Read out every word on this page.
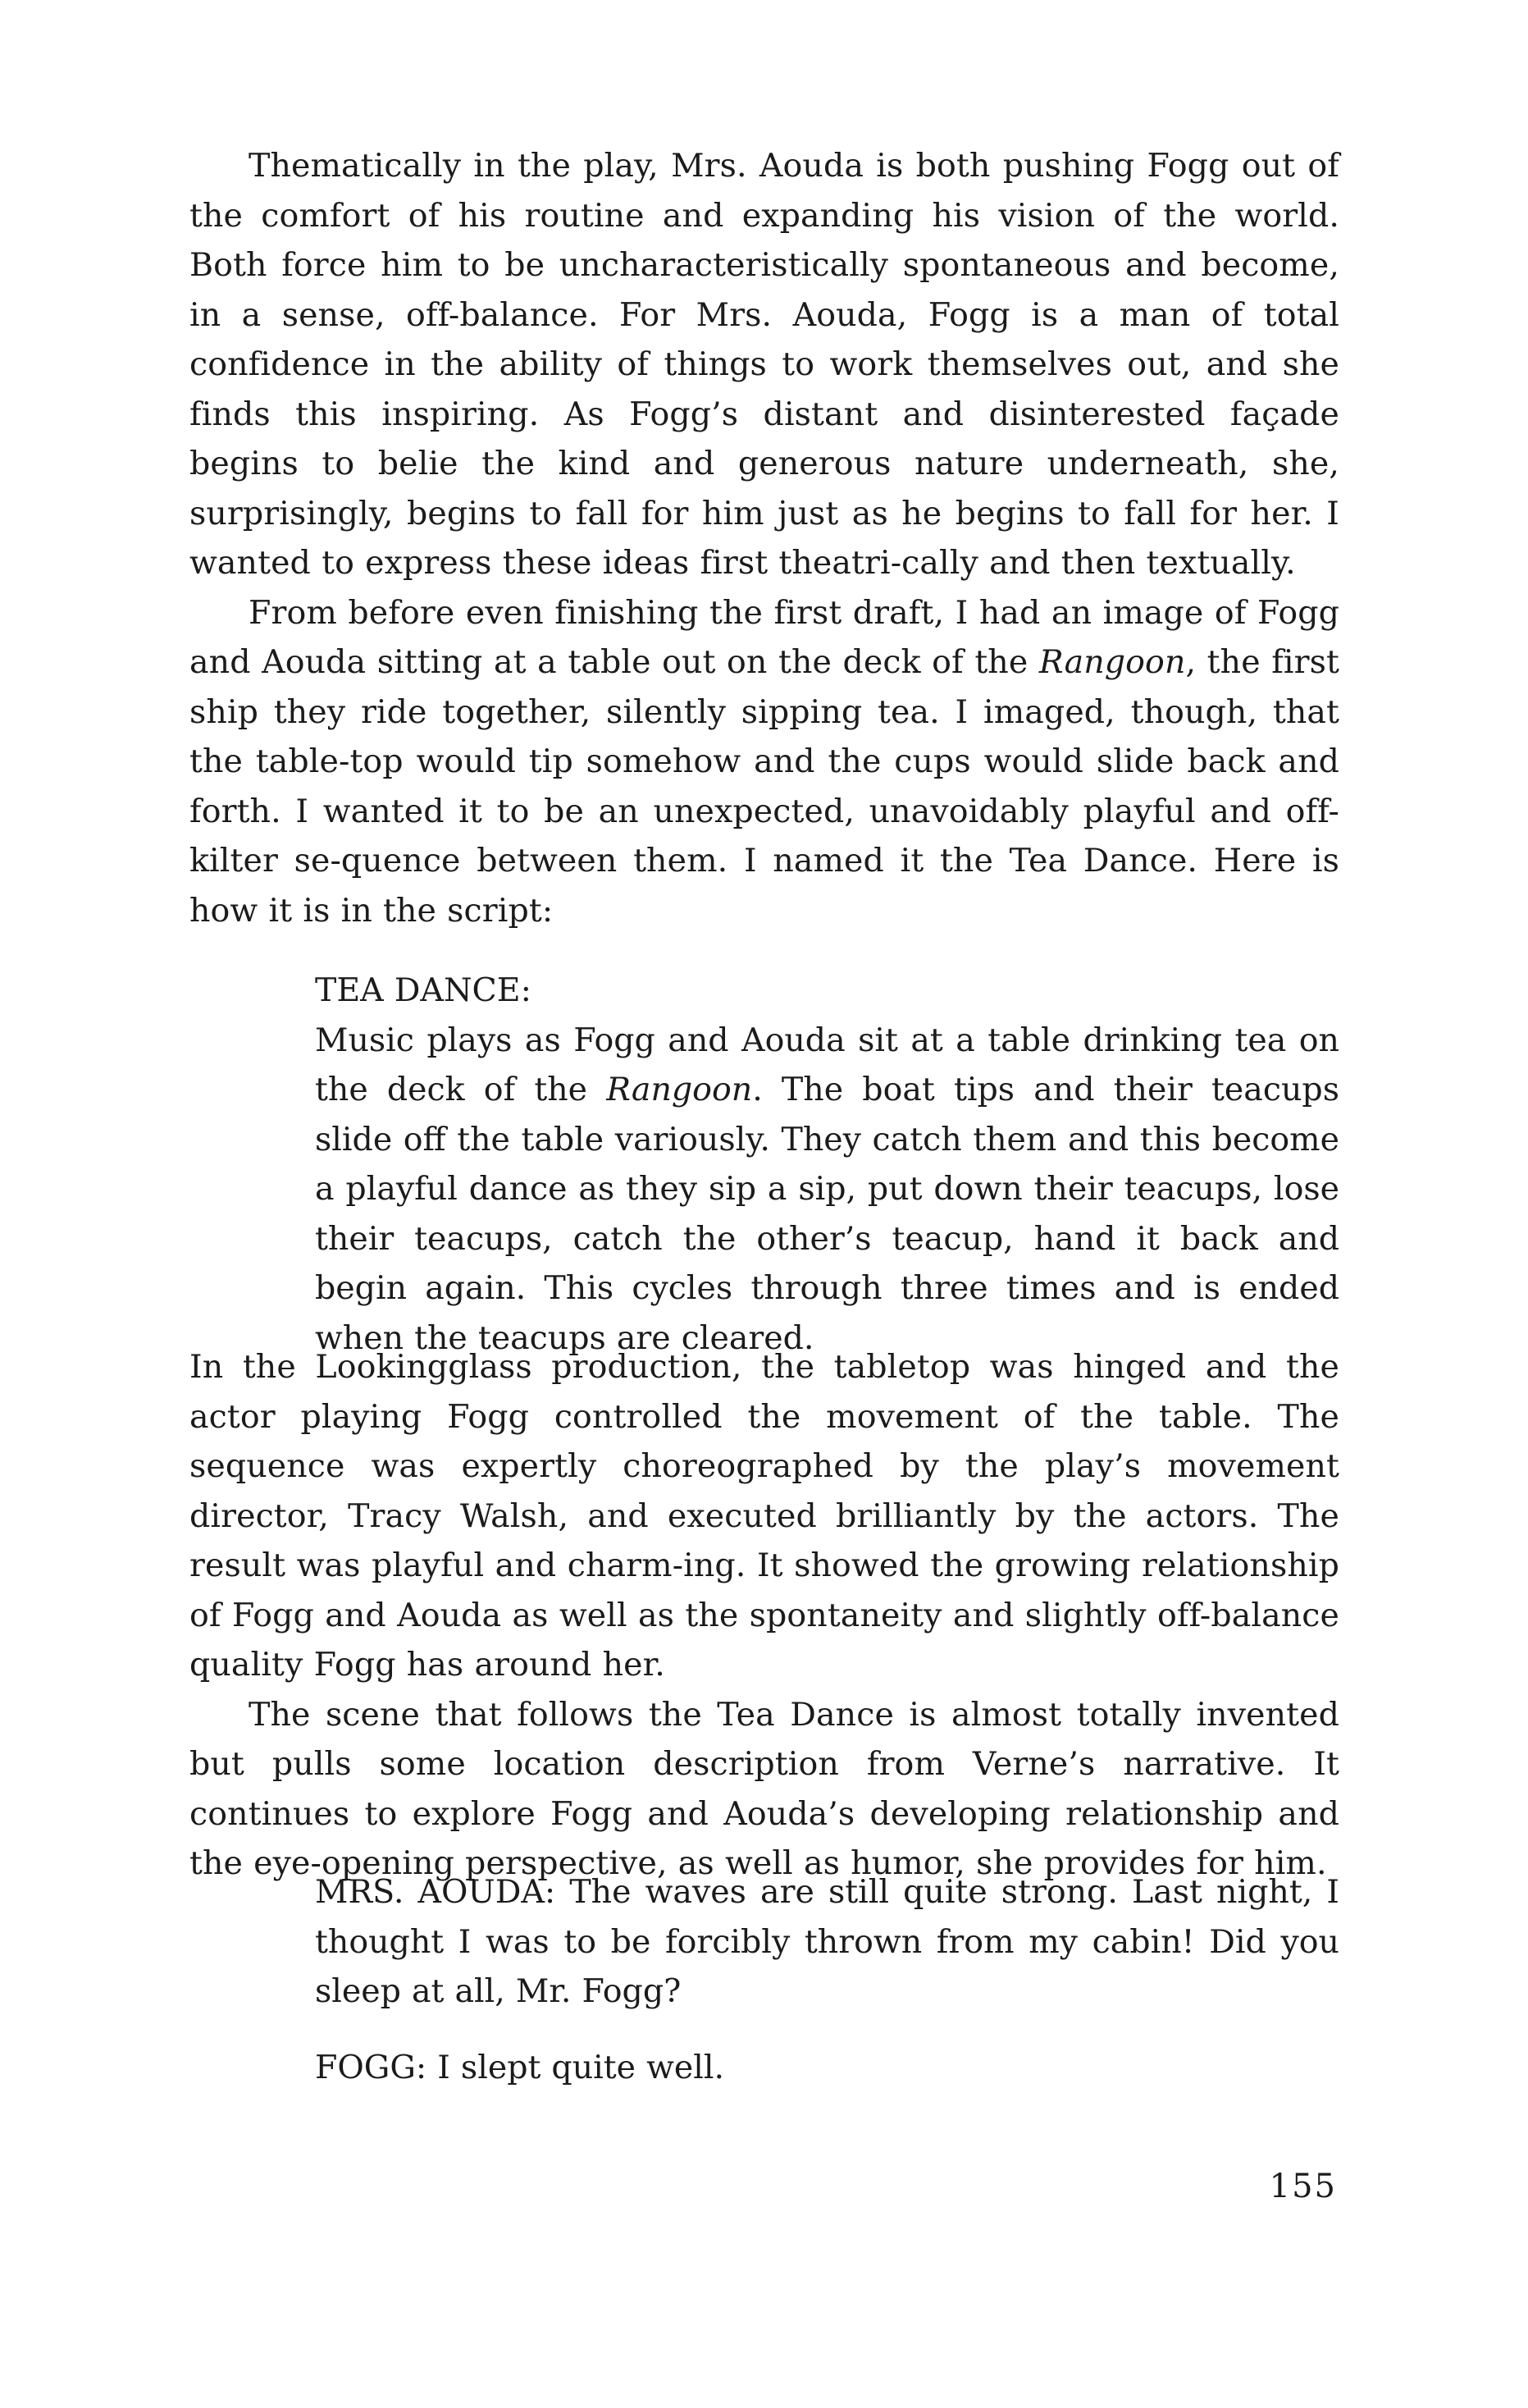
Thematically in the play, Mrs. Aouda is both pushing Fogg out of the comfort of his routine and expanding his vision of the world. Both force him to be uncharacteristically spontaneous and become, in a sense, off-balance. For Mrs. Aouda, Fogg is a man of total confidence in the ability of things to work themselves out, and she finds this inspiring. As Fogg’s distant and disinterested façade begins to belie the kind and generous nature underneath, she, surprisingly, begins to fall for him just as he begins to fall for her. I wanted to express these ideas first theatri-cally and then textually.

From before even finishing the first draft, I had an image of Fogg and Aouda sitting at a table out on the deck of the Rangoon, the first ship they ride together, silently sipping tea. I imaged, though, that the table-top would tip somehow and the cups would slide back and forth. I wanted it to be an unexpected, unavoidably playful and off-kilter se-quence between them. I named it the Tea Dance. Here is how it is in the script:

TEA DANCE:

Music plays as Fogg and Aouda sit at a table drinking tea on the deck of the Rangoon. The boat tips and their teacups slide off the table variously. They catch them and this become a playful dance as they sip a sip, put down their teacups, lose their teacups, catch the other’s teacup, hand it back and begin again. This cycles through three times and is ended when the teacups are cleared.

In the Lookingglass production, the tabletop was hinged and the actor playing Fogg controlled the movement of the table. The sequence was expertly choreographed by the play’s movement director, Tracy Walsh, and executed brilliantly by the actors. The result was playful and charm-ing. It showed the growing relationship of Fogg and Aouda as well as the spontaneity and slightly off-balance quality Fogg has around her.

The scene that follows the Tea Dance is almost totally invented but pulls some location description from Verne’s narrative. It continues to explore Fogg and Aouda’s developing relationship and the eye-opening perspective, as well as humor, she provides for him.

MRS. AOUDA: The waves are still quite strong. Last night, I thought I was to be forcibly thrown from my cabin! Did you sleep at all, Mr. Fogg?

FOGG: I slept quite well.

155
